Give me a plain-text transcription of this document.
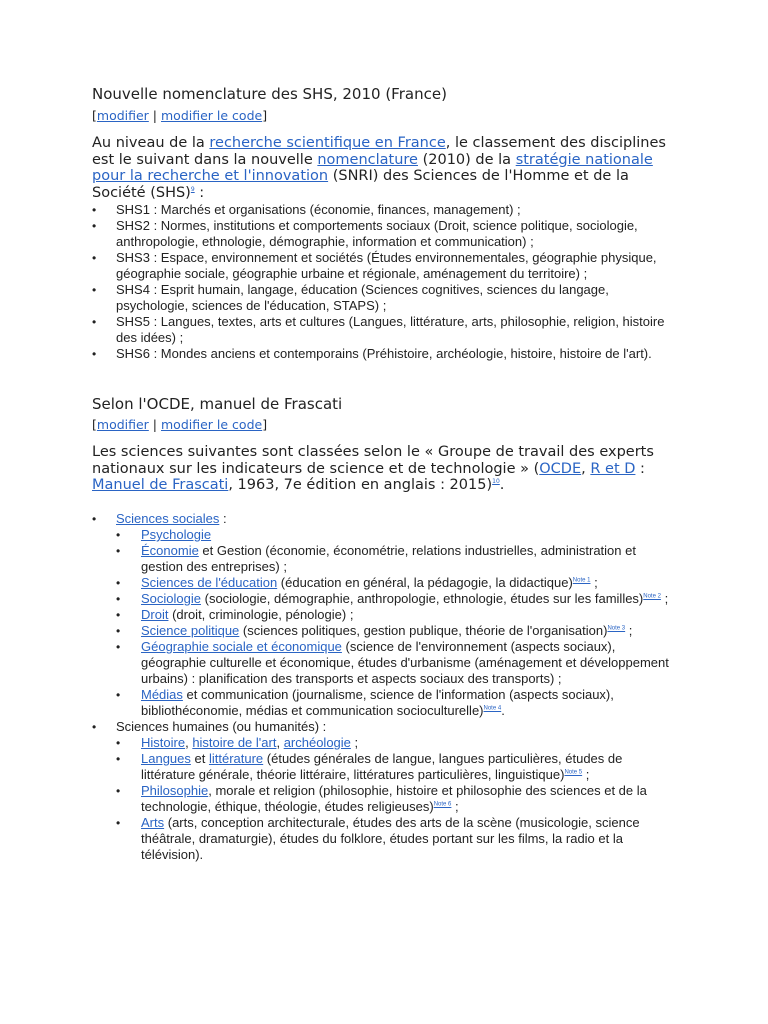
Nouvelle nomenclature des SHS, 2010 (France)
[modifier | modifier le code]
Au niveau de la recherche scientifique en France, le classement des disciplines est le suivant dans la nouvelle nomenclature (2010) de la stratégie nationale pour la recherche et l'innovation (SNRI) des Sciences de l'Homme et de la Société (SHS)$^9$ :
• SHS1 : Marchés et organisations (économie, finances, management) ;
• SHS2 : Normes, institutions et comportements sociaux (Droit, science politique, sociologie, anthropologie, ethnologie, démographie, information et communication) ;
• SHS3 : Espace, environnement et sociétés (Études environnementales, géographie physique, géographie sociale, géographie urbaine et régionale, aménagement du territoire) ;
• SHS4 : Esprit humain, langage, éducation (Sciences cognitives, sciences du langage, psychologie, sciences de l'éducation, STAPS) ;
• SHS5 : Langues, textes, arts et cultures (Langues, littérature, arts, philosophie, religion, histoire des idées) ;
• SHS6 : Mondes anciens et contemporains (Préhistoire, archéologie, histoire, histoire de l'art).
Selon l'OCDE, manuel de Frascati
[modifier | modifier le code]
Les sciences suivantes sont classées selon le « Groupe de travail des experts nationaux sur les indicateurs de science et de technologie » (OCDE, R et D : Manuel de Frascati, 1963, 7e édition en anglais : 2015)$^{10}$.
• Sciences sociales :
• Psychologie
• Économie et Gestion (économie, économétrie, relations industrielles, administration et gestion des entreprises) ;
• Sciences de l'éducation (éducation en général, la pédagogie, la didactique)$^{Note 1}$ ;
• Sociologie (sociologie, démographie, anthropologie, ethnologie, études sur les familles)$^{Note 2}$ ;
• Droit (droit, criminologie, pénologie) ;
• Science politique (sciences politiques, gestion publique, théorie de l'organisation)$^{Note 3}$ ;
• Géographie sociale et économique (science de l'environnement (aspects sociaux), géographie culturelle et économique, études d'urbanisme (aménagement et développement urbains) : planification des transports et aspects sociaux des transports) ;
• Médias et communication (journalisme, science de l'information (aspects sociaux), bibliothéconomie, médias et communication socioculturelle)$^{Note 4}$.
• Sciences humaines (ou humanités) :
• Histoire, histoire de l'art, archéologie ;
• Langues et littérature (études générales de langue, langues particulières, études de littérature générale, théorie littéraire, littératures particulières, linguistique)$^{Note 5}$ ;
• Philosophie, morale et religion (philosophie, histoire et philosophie des sciences et de la technologie, éthique, théologie, études religieuses)$^{Note 6}$ ;
• Arts (arts, conception architecturale, études des arts de la scène (musicologie, science théâtrale, dramaturgie), études du folklore, études portant sur les films, la radio et la télévision).
